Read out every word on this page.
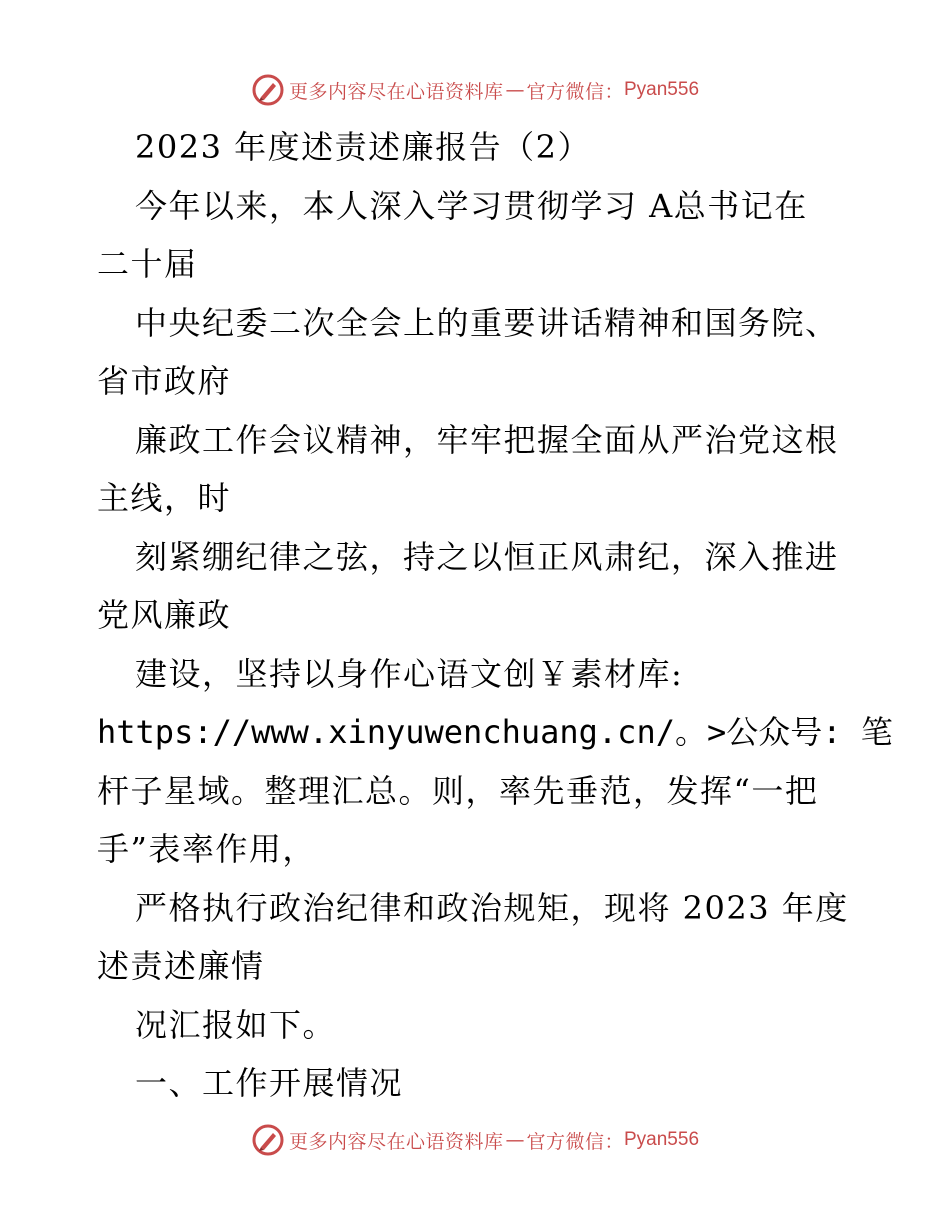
更多内容尽在心语资料库 — 官方微信： Pyan556
2023 年度述责述廉报告（2）
今年以来，本人深入学习贯彻学习 A总书记在
二十届
中央纪委二次全会上的重要讲话精神和国务院、
省市政府
廉政工作会议精神，牢牢把握全面从严治党这根
主线，时
刻紧绷纪律之弦，持之以恒正风肃纪，深入推进
党风廉政
建设，坚持以身作心语文创￥素材库:
https://www.xinyuwenchuang.cn/。>公众号: 笔
杆子星域。整理汇总。则，率先垂范，发挥“一把
手”表率作用，
严格执行政治纪律和政治规矩，现将 2023 年度
述责述廉情
况汇报如下。
一、工作开展情况
更多内容尽在心语资料库 — 官方微信： Pyan556
